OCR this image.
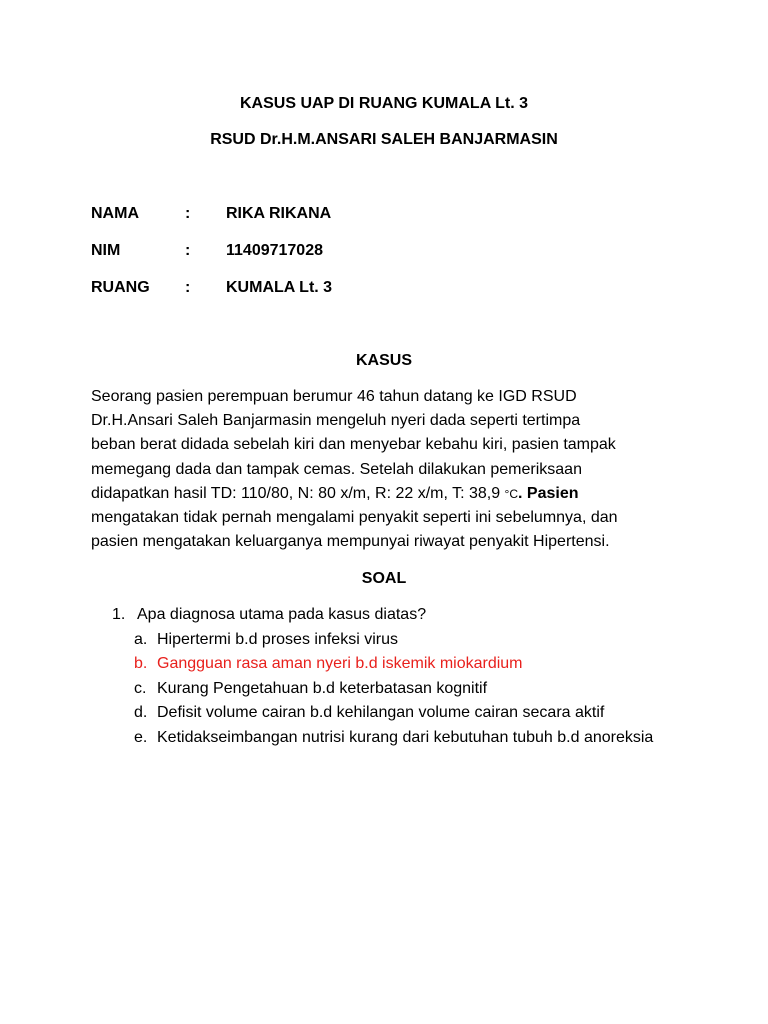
KASUS UAP DI RUANG KUMALA Lt. 3
RSUD Dr.H.M.ANSARI SALEH BANJARMASIN
NAMA	: RIKA RIKANA
NIM	: 11409717028
RUANG : KUMALA Lt. 3
KASUS
Seorang pasien perempuan berumur 46 tahun datang ke IGD RSUD
Dr.H.Ansari Saleh Banjarmasin mengeluh nyeri dada seperti tertimpa
beban berat didada sebelah kiri dan menyebar kebahu kiri, pasien tampak
memegang dada dan tampak cemas. Setelah dilakukan pemeriksaan
didapatkan hasil TD: 110/80, N: 80 x/m, R: 22 x/m, T: 38,9 °C. Pasien
mengatakan tidak pernah mengalami penyakit seperti ini sebelumnya, dan
pasien mengatakan keluarganya mempunyai riwayat penyakit Hipertensi.
SOAL
1. Apa diagnosa utama pada kasus diatas?
a. Hipertermi b.d proses infeksi virus
b. Gangguan rasa aman nyeri b.d iskemik miokardium
c. Kurang Pengetahuan b.d keterbatasan kognitif
d. Defisit volume cairan b.d kehilangan volume cairan secara aktif
e. Ketidakseimbangan nutrisi kurang dari kebutuhan tubuh b.d anoreksia
